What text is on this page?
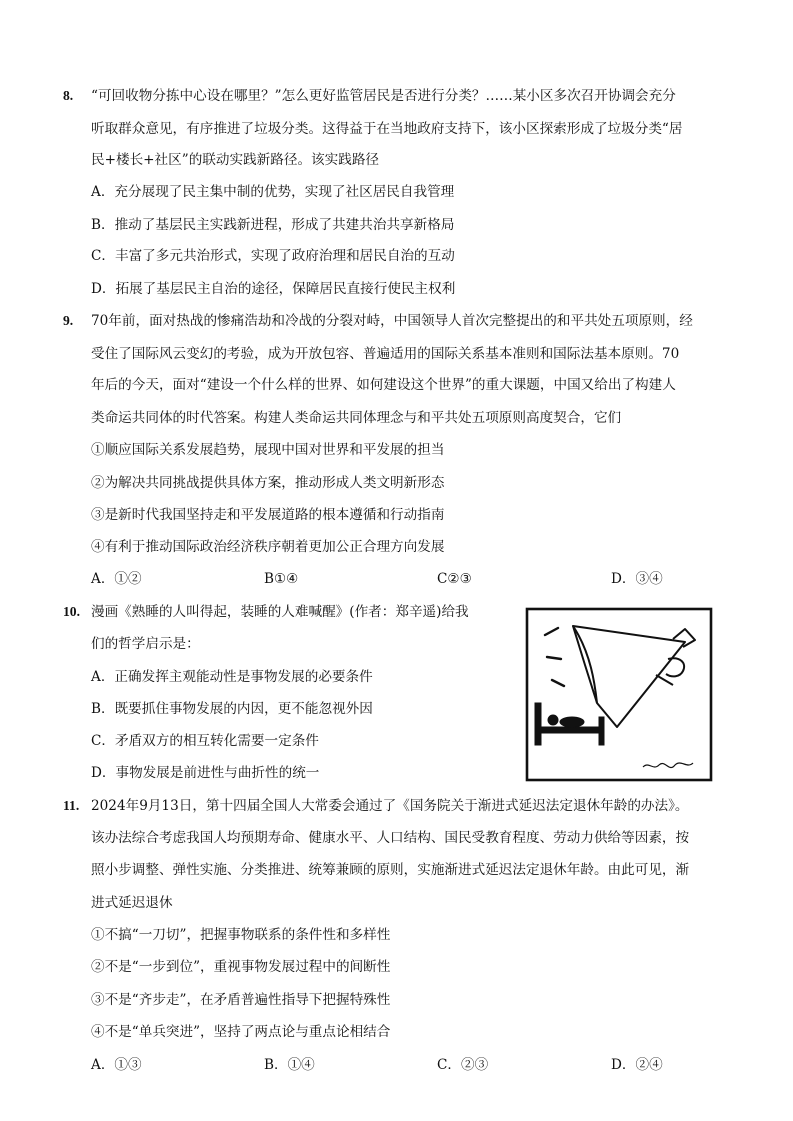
8. “可回收物分拣中心设在哪里？”怎么更好监管居民是否进行分类？……某小区多次召开协调会充分
听取群众意见，有序推进了垃圾分类。这得益于在当地政府支持下，该小区探索形成了垃圾分类“居
民+楼长+社区”的联动实践新路径。该实践路径
A．充分展现了民主集中制的优势，实现了社区居民自我管理
B．推动了基层民主实践新进程，形成了共建共治共享新格局
C．丰富了多元共治形式，实现了政府治理和居民自治的互动
D．拓展了基层民主自治的途径，保障居民直接行使民主权利
9. 70年前，面对热战的惨痛浩劫和冷战的分裂对峙，中国领导人首次完整提出的和平共处五项原则，经
受住了国际风云变幻的考验，成为开放包容、普遍适用的国际关系基本准则和国际法基本原则。70
年后的今天，面对“建设一个什么样的世界、如何建设这个世界”的重大课题，中国又给出了构建人
类命运共同体的时代答案。构建人类命运共同体理念与和平共处五项原则高度契合，它们
①顺应国际关系发展趋势，展现中国对世界和平发展的担当
②为解决共同挑战提供具体方案，推动形成人类文明新形态
③是新时代我国坚持走和平发展道路的根本遵循和行动指南
④有利于推动国际政治经济秩序朝着更加公正合理方向发展
A．①②	B①④	C②③	D．③④
10. 漫画《熟睡的人叫得起，装睡的人难喊醒》(作者：郑辛遥)给我
们的哲学启示是：
A．正确发挥主观能动性是事物发展的必要条件
B．既要抓住事物发展的内因，更不能忽视外因
C．矛盾双方的相互转化需要一定条件
D．事物发展是前进性与曲折性的统一
11. 2024年9月13日，第十四届全国人大常委会通过了《国务院关于渐进式延迟法定退休年龄的办法》。
该办法综合考虑我国人均预期寿命、健康水平、人口结构、国民受教育程度、劳动力供给等因素，按
照小步调整、弹性实施、分类推进、统筹兼顾的原则，实施渐进式延迟法定退休年龄。由此可见，渐
进式延迟退休
①不搞“一刀切”，把握事物联系的条件性和多样性
②不是“一步到位”，重视事物发展过程中的间断性
③不是“齐步走”，在矛盾普遍性指导下把握特殊性
④不是“单兵突进”，坚持了两点论与重点论相结合
A．①③	B．①④	C．②③	D．②④
